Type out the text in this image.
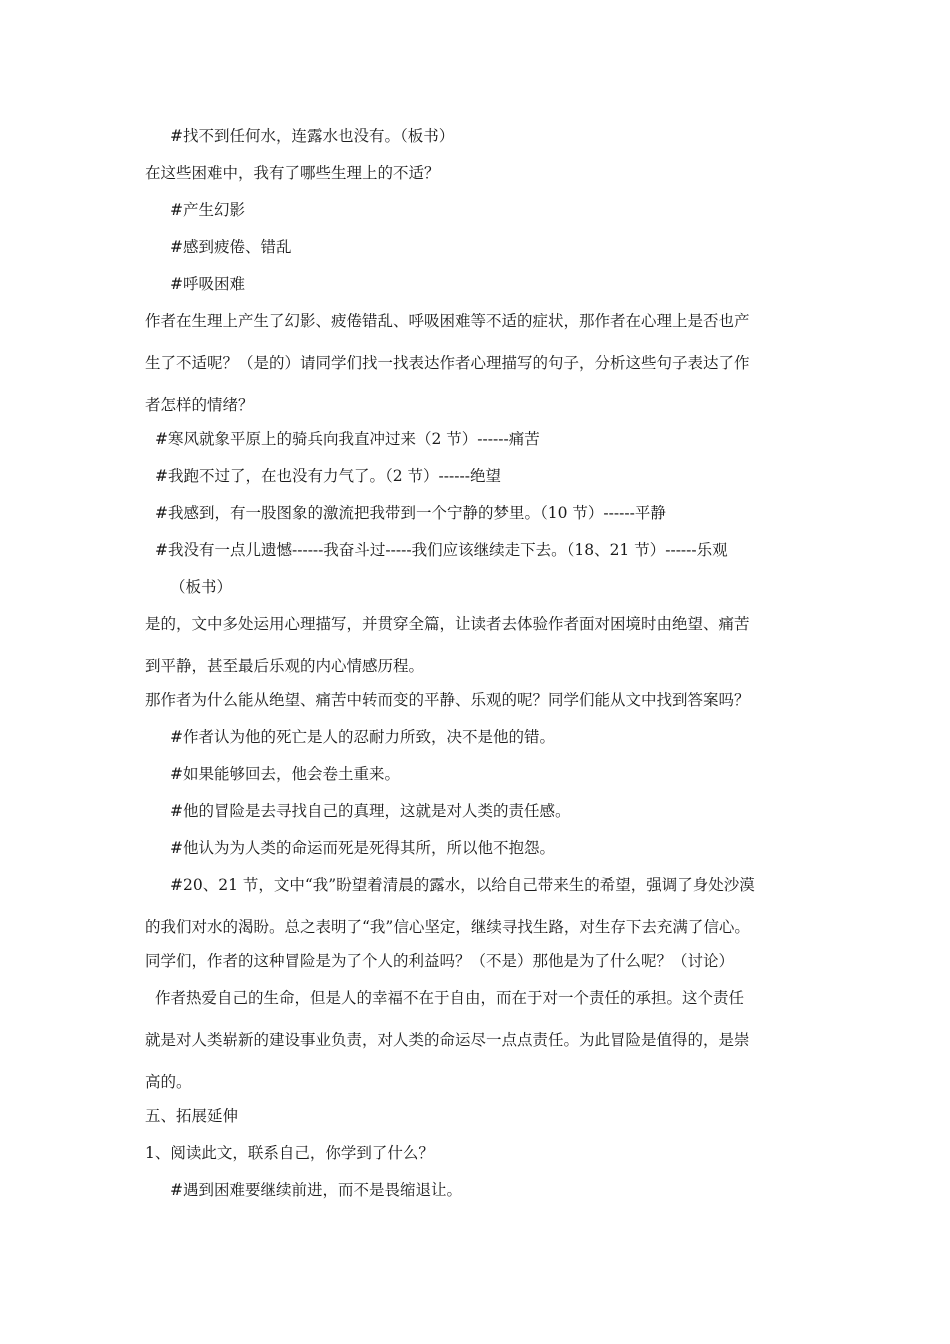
#找不到任何水，连露水也没有。（板书）
在这些困难中，我有了哪些生理上的不适？
#产生幻影
#感到疲倦、错乱
#呼吸困难
作者在生理上产生了幻影、疲倦错乱、呼吸困难等不适的症状，那作者在心理上是否也产
生了不适呢？（是的）请同学们找一找表达作者心理描写的句子，分析这些句子表达了作
者怎样的情绪？
#寒风就象平原上的骑兵向我直冲过来（2 节）------痛苦
#我跑不过了，在也没有力气了。（2 节）------绝望
#我感到，有一股图象的激流把我带到一个宁静的梦里。（10 节）------平静
#我没有一点儿遗憾------我奋斗过-----我们应该继续走下去。（18、21 节）------乐观
（板书）
是的，文中多处运用心理描写，并贯穿全篇，让读者去体验作者面对困境时由绝望、痛苦
到平静，甚至最后乐观的内心情感历程。
那作者为什么能从绝望、痛苦中转而变的平静、乐观的呢？同学们能从文中找到答案吗？
#作者认为他的死亡是人的忍耐力所致，决不是他的错。
#如果能够回去，他会卷土重来。
#他的冒险是去寻找自己的真理，这就是对人类的责任感。
#他认为为人类的命运而死是死得其所，所以他不抱怨。
#20、21 节，文中“我”盼望着清晨的露水，以给自己带来生的希望，强调了身处沙漠
的我们对水的渴盼。总之表明了“我”信心坚定，继续寻找生路，对生存下去充满了信心。
同学们，作者的这种冒险是为了个人的利益吗？（不是）那他是为了什么呢？（讨论）
作者热爱自己的生命，但是人的幸福不在于自由，而在于对一个责任的承担。这个责任
就是对人类崭新的建设事业负责，对人类的命运尽一点点责任。为此冒险是值得的，是崇
高的。
五、拓展延伸
1、阅读此文，联系自己，你学到了什么？
#遇到困难要继续前进，而不是畏缩退让。
